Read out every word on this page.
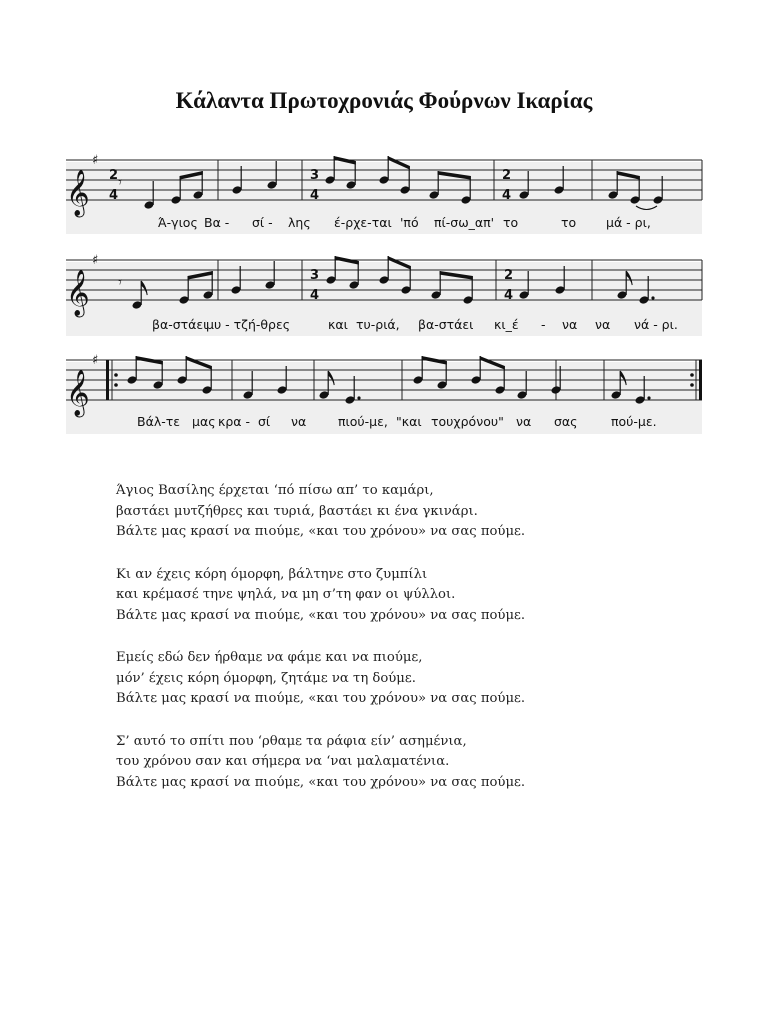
Κάλαντα Πρωτοχρονιάς Φούρνων Ικαρίας
𝄞
♯
2
4
3
4
2
4
𝄾
Ά-γιος Βα - σί - λης έ-ρχε-ται 'πό πί-σω_απ' το	το μά - ρι,
𝄞
♯
3
4
2
4
𝄾
βα-στάει
μυ - τζή-θρες	και τυ-ριά, βα-στάει κι_έ - να να νά - ρι.
𝄞
♯
Βάλ-τε μας κρα - σί να	πιού-με, "και τουχρόνου" να σας	πού-με.
Άγιος Βασίλης έρχεται ‘πό πίσω απ’ το καμάρι,
βαστάει μυτζήθρες και τυριά, βαστάει κι ένα γκινάρι.
Βάλτε μας κρασί να πιούμε, «και του χρόνου» να σας πούμε.
Κι αν έχεις κόρη όμορφη, βάλτηνε στο ζυμπίλι
και κρέμασέ τηνε ψηλά, να μη σ’τη φαν οι ψύλλοι.
Βάλτε μας κρασί να πιούμε, «και του χρόνου» να σας πούμε.
Εμείς εδώ δεν ήρθαμε να φάμε και να πιούμε,
μόν’ έχεις κόρη όμορφη, ζητάμε να τη δούμε.
Βάλτε μας κρασί να πιούμε, «και του χρόνου» να σας πούμε.
Σ’ αυτό το σπίτι που ‘ρθαμε τα ράφια είν’ ασημένια,
του χρόνου σαν και σήμερα να ‘ναι μαλαματένια.
Βάλτε μας κρασί να πιούμε, «και του χρόνου» να σας πούμε.
